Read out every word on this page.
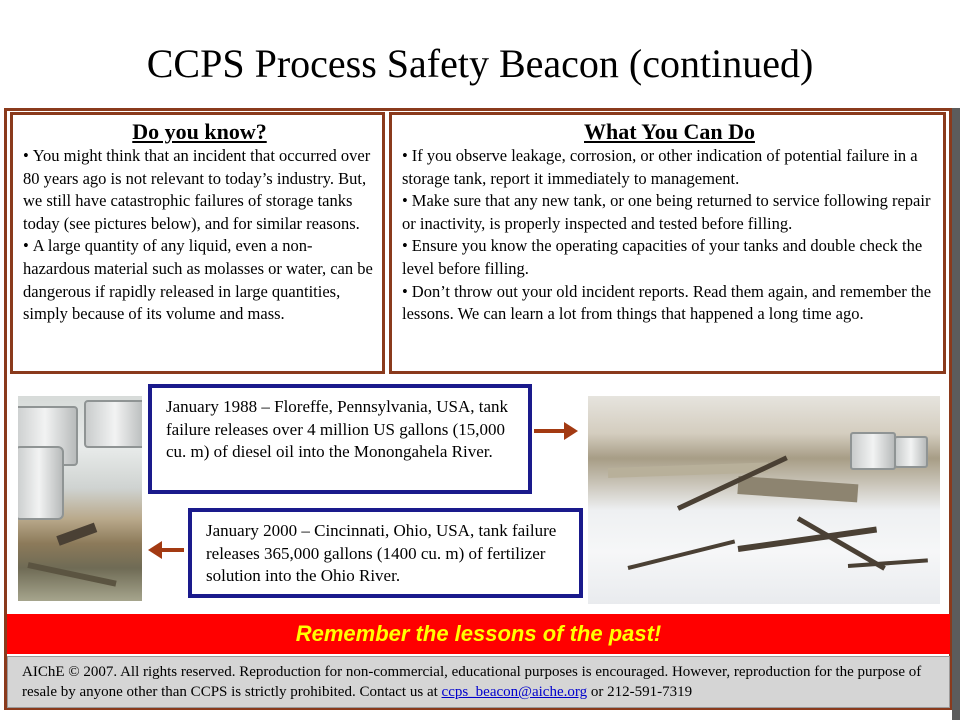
CCPS Process Safety Beacon (continued)
Do you know?
• You might think that an incident that occurred over 80 years ago is not relevant to today’s industry. But, we still have catastrophic failures of storage tanks today (see pictures below), and for similar reasons.
• A large quantity of any liquid, even a non-hazardous material such as molasses or water, can be dangerous if rapidly released in large quantities, simply because of its volume and mass.
What You Can Do
• If you observe leakage, corrosion, or other indication of potential failure in a storage tank, report it immediately to management.
• Make sure that any new tank, or one being returned to service following repair or inactivity, is properly inspected and tested before filling.
• Ensure you know the operating capacities of your tanks and double check the level before filling.
• Don’t throw out your old incident reports. Read them again, and remember the lessons. We can learn a lot from things that happened a long time ago.
January 1988 – Floreffe, Pennsylvania, USA, tank failure releases over 4 million US gallons (15,000 cu. m) of diesel oil into the Monongahela River.
January 2000 – Cincinnati, Ohio, USA, tank failure releases 365,000 gallons (1400 cu. m) of fertilizer solution into the Ohio River.
Remember the lessons of the past!
AIChE © 2007. All rights reserved. Reproduction for non-commercial, educational purposes is encouraged. However, reproduction for the purpose of resale by anyone other than CCPS is strictly prohibited. Contact us at ccps_beacon@aiche.org or 212-591-7319
